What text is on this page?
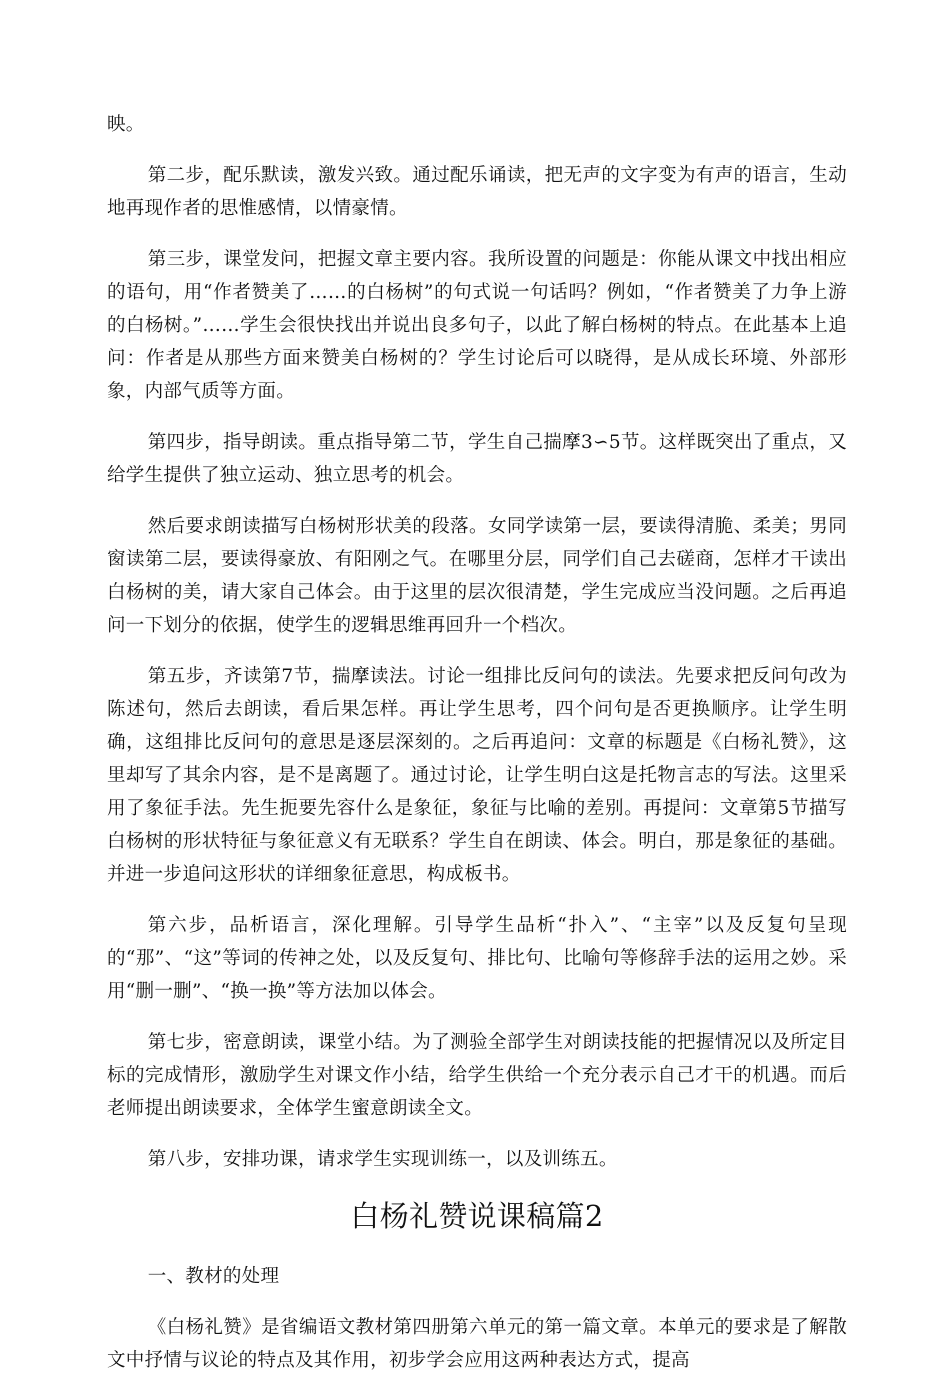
映。

第二步，配乐默读，激发兴致。通过配乐诵读，把无声的文字变为有声的语言，生动地再现作者的思惟感情，以情豪情。

第三步，课堂发问，把握文章主要内容。我所设置的问题是：你能从课文中找出相应的语句，用“作者赞美了……的白杨树”的句式说一句话吗？例如，“作者赞美了力争上游的白杨树。”……学生会很快找出并说出良多句子，以此了解白杨树的特点。在此基本上追问：作者是从那些方面来赞美白杨树的？学生讨论后可以晓得，是从成长环境、外部形象，内部气质等方面。

第四步，指导朗读。重点指导第二节，学生自己揣摩3∽5节。这样既突出了重点，又给学生提供了独立运动、独立思考的机会。

然后要求朗读描写白杨树形状美的段落。女同学读第一层，要读得清脆、柔美；男同窗读第二层，要读得豪放、有阳刚之气。在哪里分层，同学们自己去磋商，怎样才干读出白杨树的美，请大家自己体会。由于这里的层次很清楚，学生完成应当没问题。之后再追问一下划分的依据，使学生的逻辑思维再回升一个档次。

第五步，齐读第7节，揣摩读法。讨论一组排比反问句的读法。先要求把反问句改为陈述句，然后去朗读，看后果怎样。再让学生思考，四个问句是否更换顺序。让学生明确，这组排比反问句的意思是逐层深刻的。之后再追问：文章的标题是《白杨礼赞》，这里却写了其余内容，是不是离题了。通过讨论，让学生明白这是托物言志的写法。这里采用了象征手法。先生扼要先容什么是象征，象征与比喻的差别。再提问：文章第5节描写白杨树的形状特征与象征意义有无联系？学生自在朗读、体会。明白，那是象征的基础。并进一步追问这形状的详细象征意思，构成板书。

第六步，品析语言，深化理解。引导学生品析“扑入”、“主宰”以及反复句呈现的“那”、“这”等词的传神之处，以及反复句、排比句、比喻句等修辞手法的运用之妙。采用“删一删”、“换一换”等方法加以体会。

第七步，密意朗读，课堂小结。为了测验全部学生对朗读技能的把握情况以及所定目标的完成情形，激励学生对课文作小结，给学生供给一个充分表示自己才干的机遇。而后老师提出朗读要求，全体学生蜜意朗读全文。

第八步，安排功课，请求学生实现训练一，以及训练五。

白杨礼赞说课稿篇2

一、教材的处理

《白杨礼赞》是省编语文教材第四册第六单元的第一篇文章。本单元的要求是了解散文中抒情与议论的特点及其作用，初步学会应用这两种表达方式，提高
